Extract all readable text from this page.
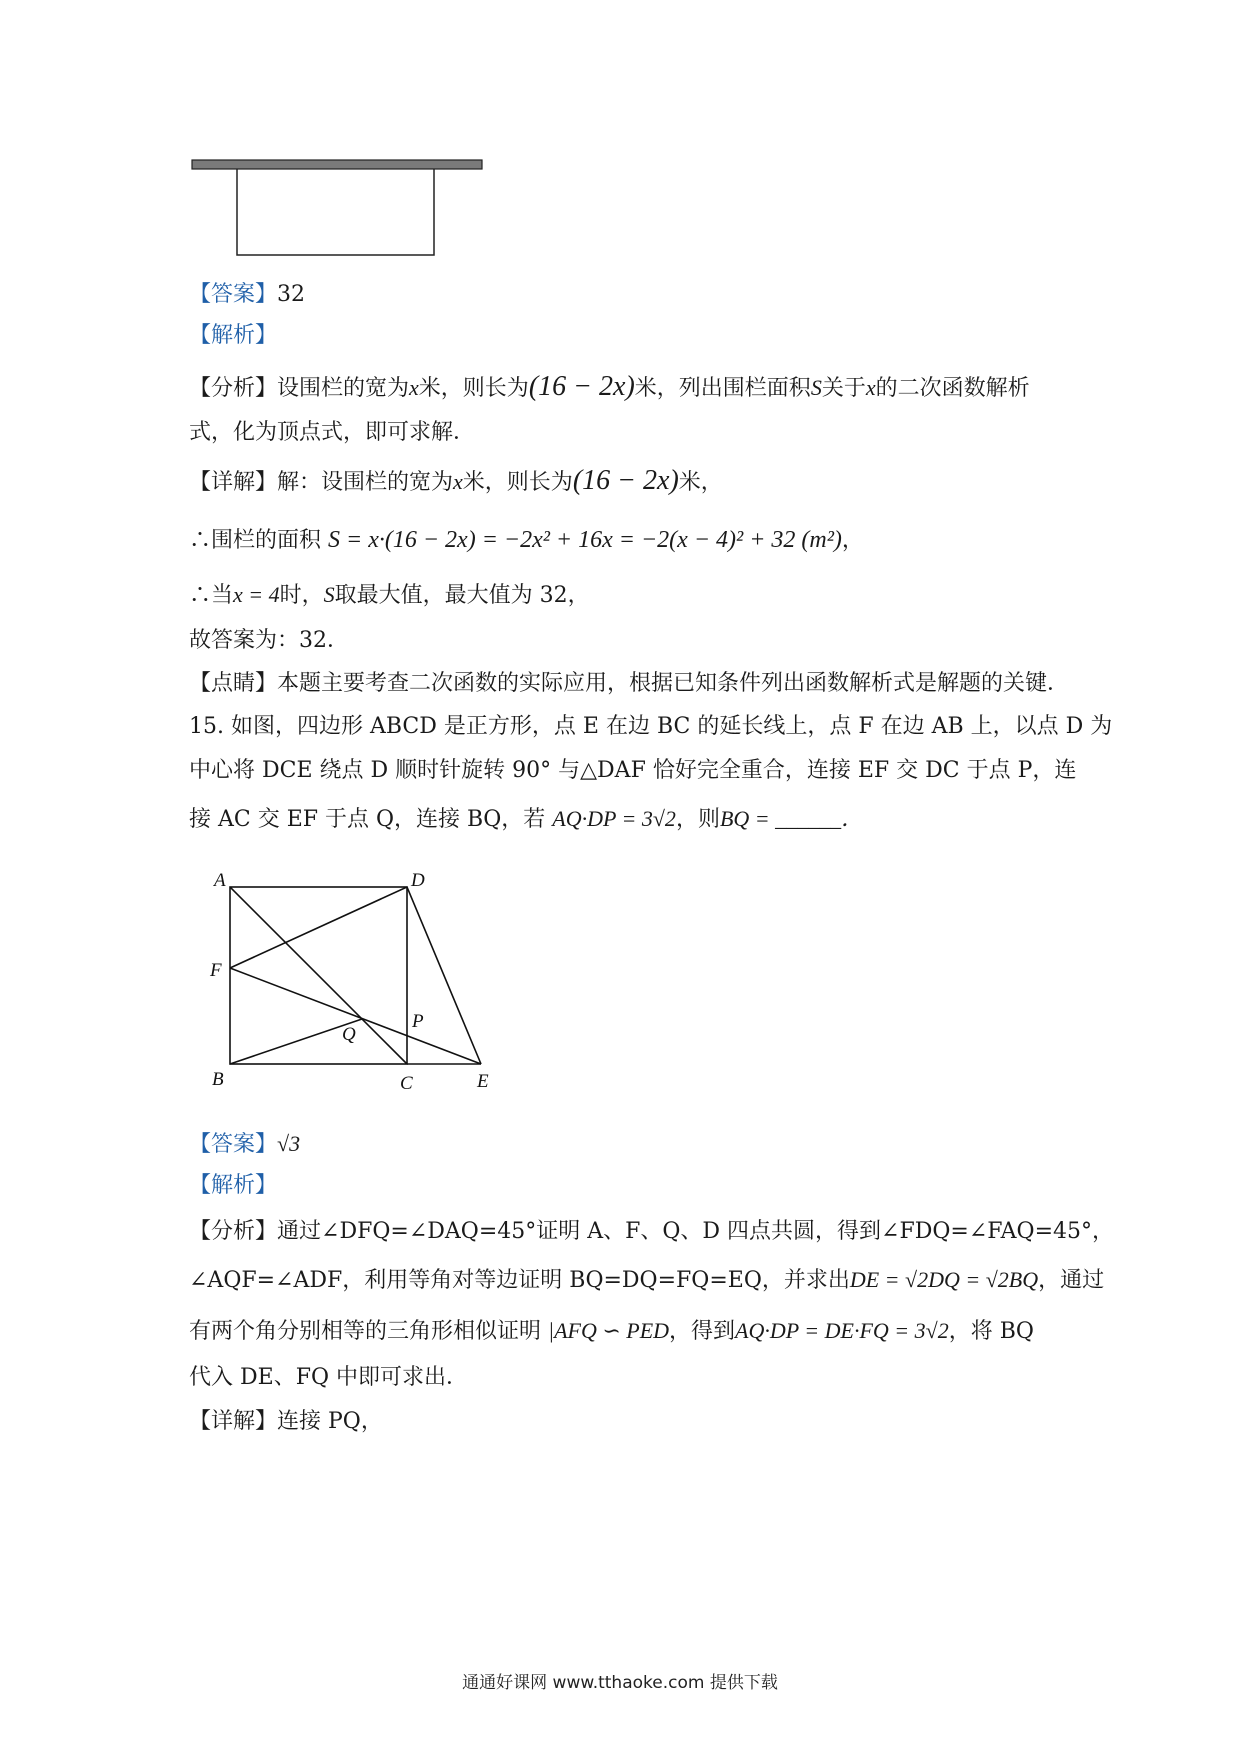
【答案】32
【解析】
【分析】设围栏的宽为x米，则长为(16 − 2x)米，列出围栏面积S关于x的二次函数解析
式，化为顶点式，即可求解．
【详解】解：设围栏的宽为x米，则长为(16 − 2x)米，
∴围栏的面积 S = x·(16 − 2x) = −2x² + 16x = −2(x − 4)² + 32 (m²)，
∴当x = 4时，S取最大值，最大值为 32，
故答案为：32．
【点睛】本题主要考查二次函数的实际应用，根据已知条件列出函数解析式是解题的关键．
15. 如图，四边形 ABCD 是正方形，点 E 在边 BC 的延长线上，点 F 在边 AB 上，以点 D 为
中心将 DCE 绕点 D 顺时针旋转 90° 与△DAF 恰好完全重合，连接 EF 交 DC 于点 P，连
接 AC 交 EF 于点 Q，连接 BQ，若 AQ·DP = 3√2，则BQ = ______．
A	D
F
P
Q
B	C	E
【答案】√3
【解析】
【分析】通过∠DFQ=∠DAQ=45°证明 A、F、Q、D 四点共圆，得到∠FDQ=∠FAQ=45°，
∠AQF=∠ADF，利用等角对等边证明 BQ=DQ=FQ=EQ，并求出DE = √2DQ = √2BQ，通过
有两个角分别相等的三角形相似证明 |AFQ ∽ PED，得到AQ·DP = DE·FQ = 3√2，将 BQ
代入 DE、FQ 中即可求出．
【详解】连接 PQ，
通通好课网 www.tthaoke.com 提供下载
